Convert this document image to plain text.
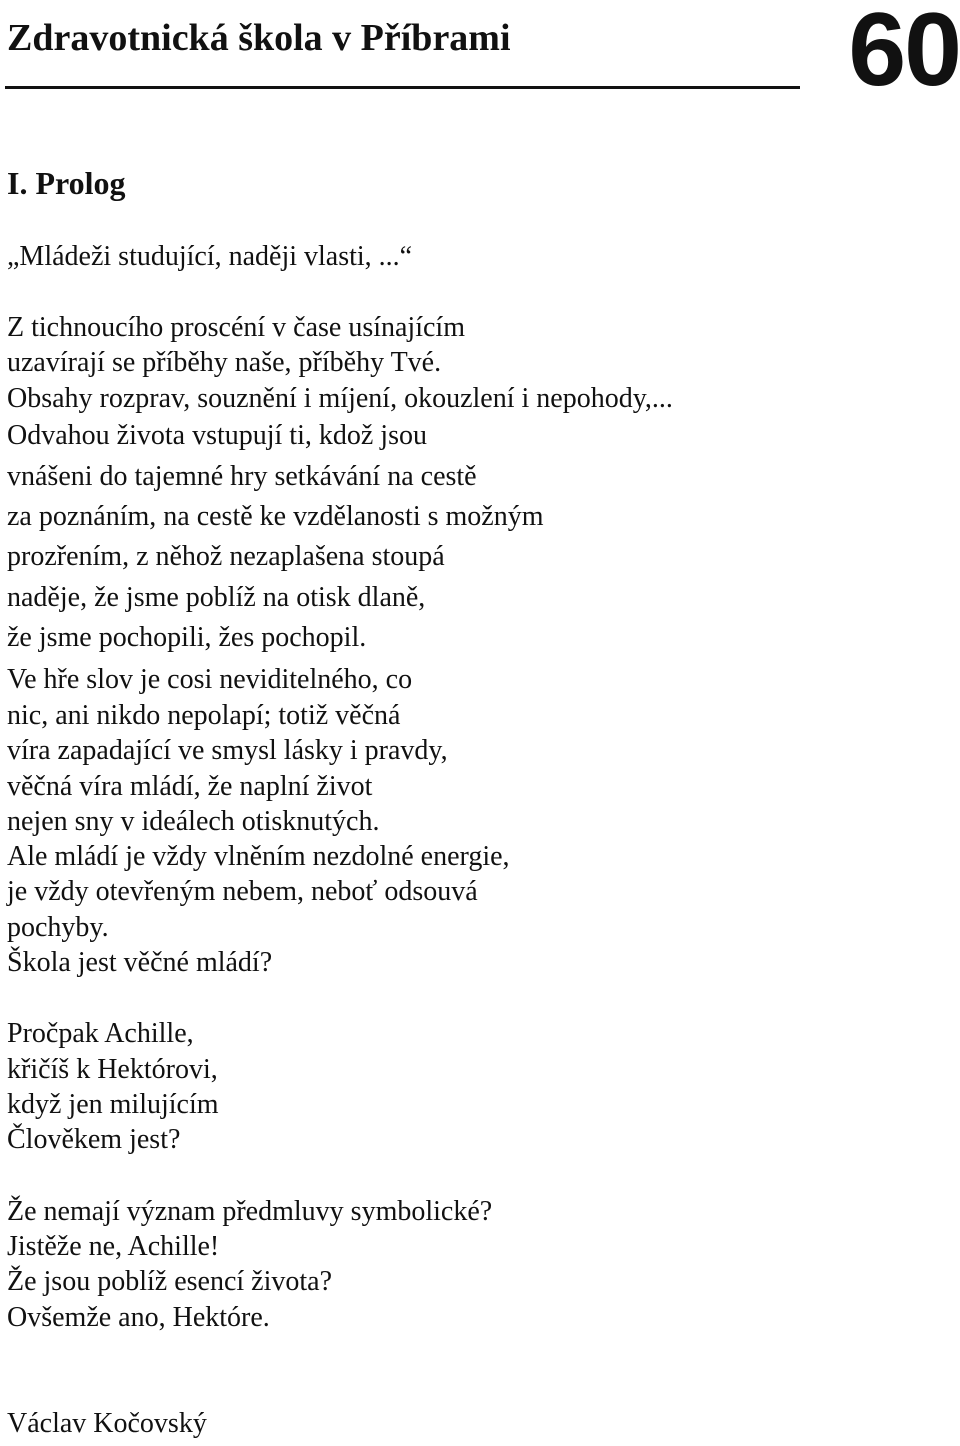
Zdravotnická škola v Příbrami	60
I. Prolog

„Mládeži studující, naději vlasti, ...“

Z tichnoucího proscéní v čase usínajícím

uzavírají se příběhy naše, příběhy Tvé.

Obsahy rozprav, souznění i míjení, okouzlení i nepohody,...

Odvahou života vstupují ti, kdož jsou

vnášeni do tajemné hry setkávání na cestě

za poznáním, na cestě ke vzdělanosti s možným

prozřením, z něhož nezaplašena stoupá

naděje, že jsme poblíž na otisk dlaně,

že jsme pochopili, žes pochopil.

Ve hře slov je cosi neviditelného, co

nic, ani nikdo nepolapí; totiž věčná

víra zapadající ve smysl lásky i pravdy,

věčná víra mládí, že naplní život

nejen sny v ideálech otisknutých.

Ale mládí je vždy vlněním nezdolné energie,

je vždy otevřeným nebem, neboť odsouvá

pochyby.

Škola jest věčné mládí?

Pročpak Achille,

křičíš k Hektórovi,

když jen milujícím

Člověkem jest?

Že nemají význam předmluvy symbolické?

Jistěže ne, Achille!

Že jsou poblíž esencí života?

Ovšemže ano, Hektóre.

Václav Kočovský
